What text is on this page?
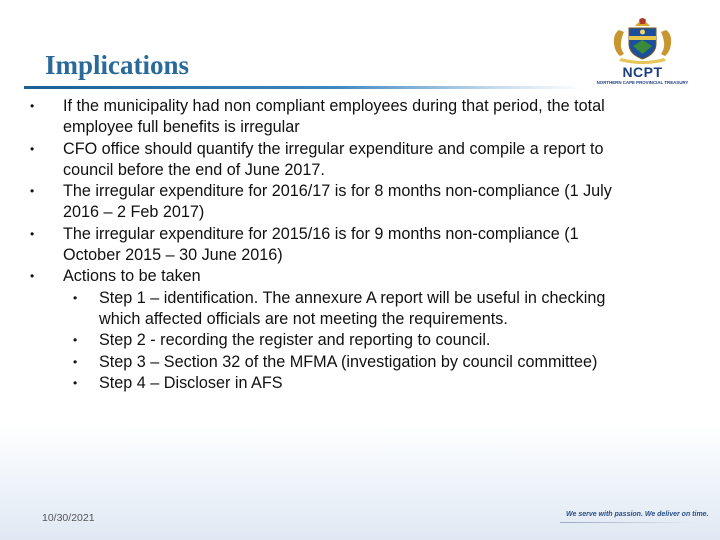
Implications	NCPT
NORTHERN CAPE PROVINCIAL TREASURY
•	If the municipality had non compliant employees during that period, the total
employee full benefits is irregular
•	CFO office should quantify the irregular expenditure and compile a report to
council before the end of June 2017.
•	The irregular expenditure for 2016/17 is for 8 months non-compliance (1 July
2016 – 2 Feb 2017)
•	The irregular expenditure for 2015/16 is for 9 months non-compliance (1
October 2015 – 30 June 2016)
•	Actions to be taken
•	Step 1 – identification. The annexure A report will be useful in checking
which affected officials are not meeting the requirements.
•	Step 2 - recording the register and reporting to council.
•	Step 3 – Section 32 of the MFMA (investigation by council committee)
•	Step 4 – Discloser in AFS
10/30/2021	We serve with passion. We deliver on time.
